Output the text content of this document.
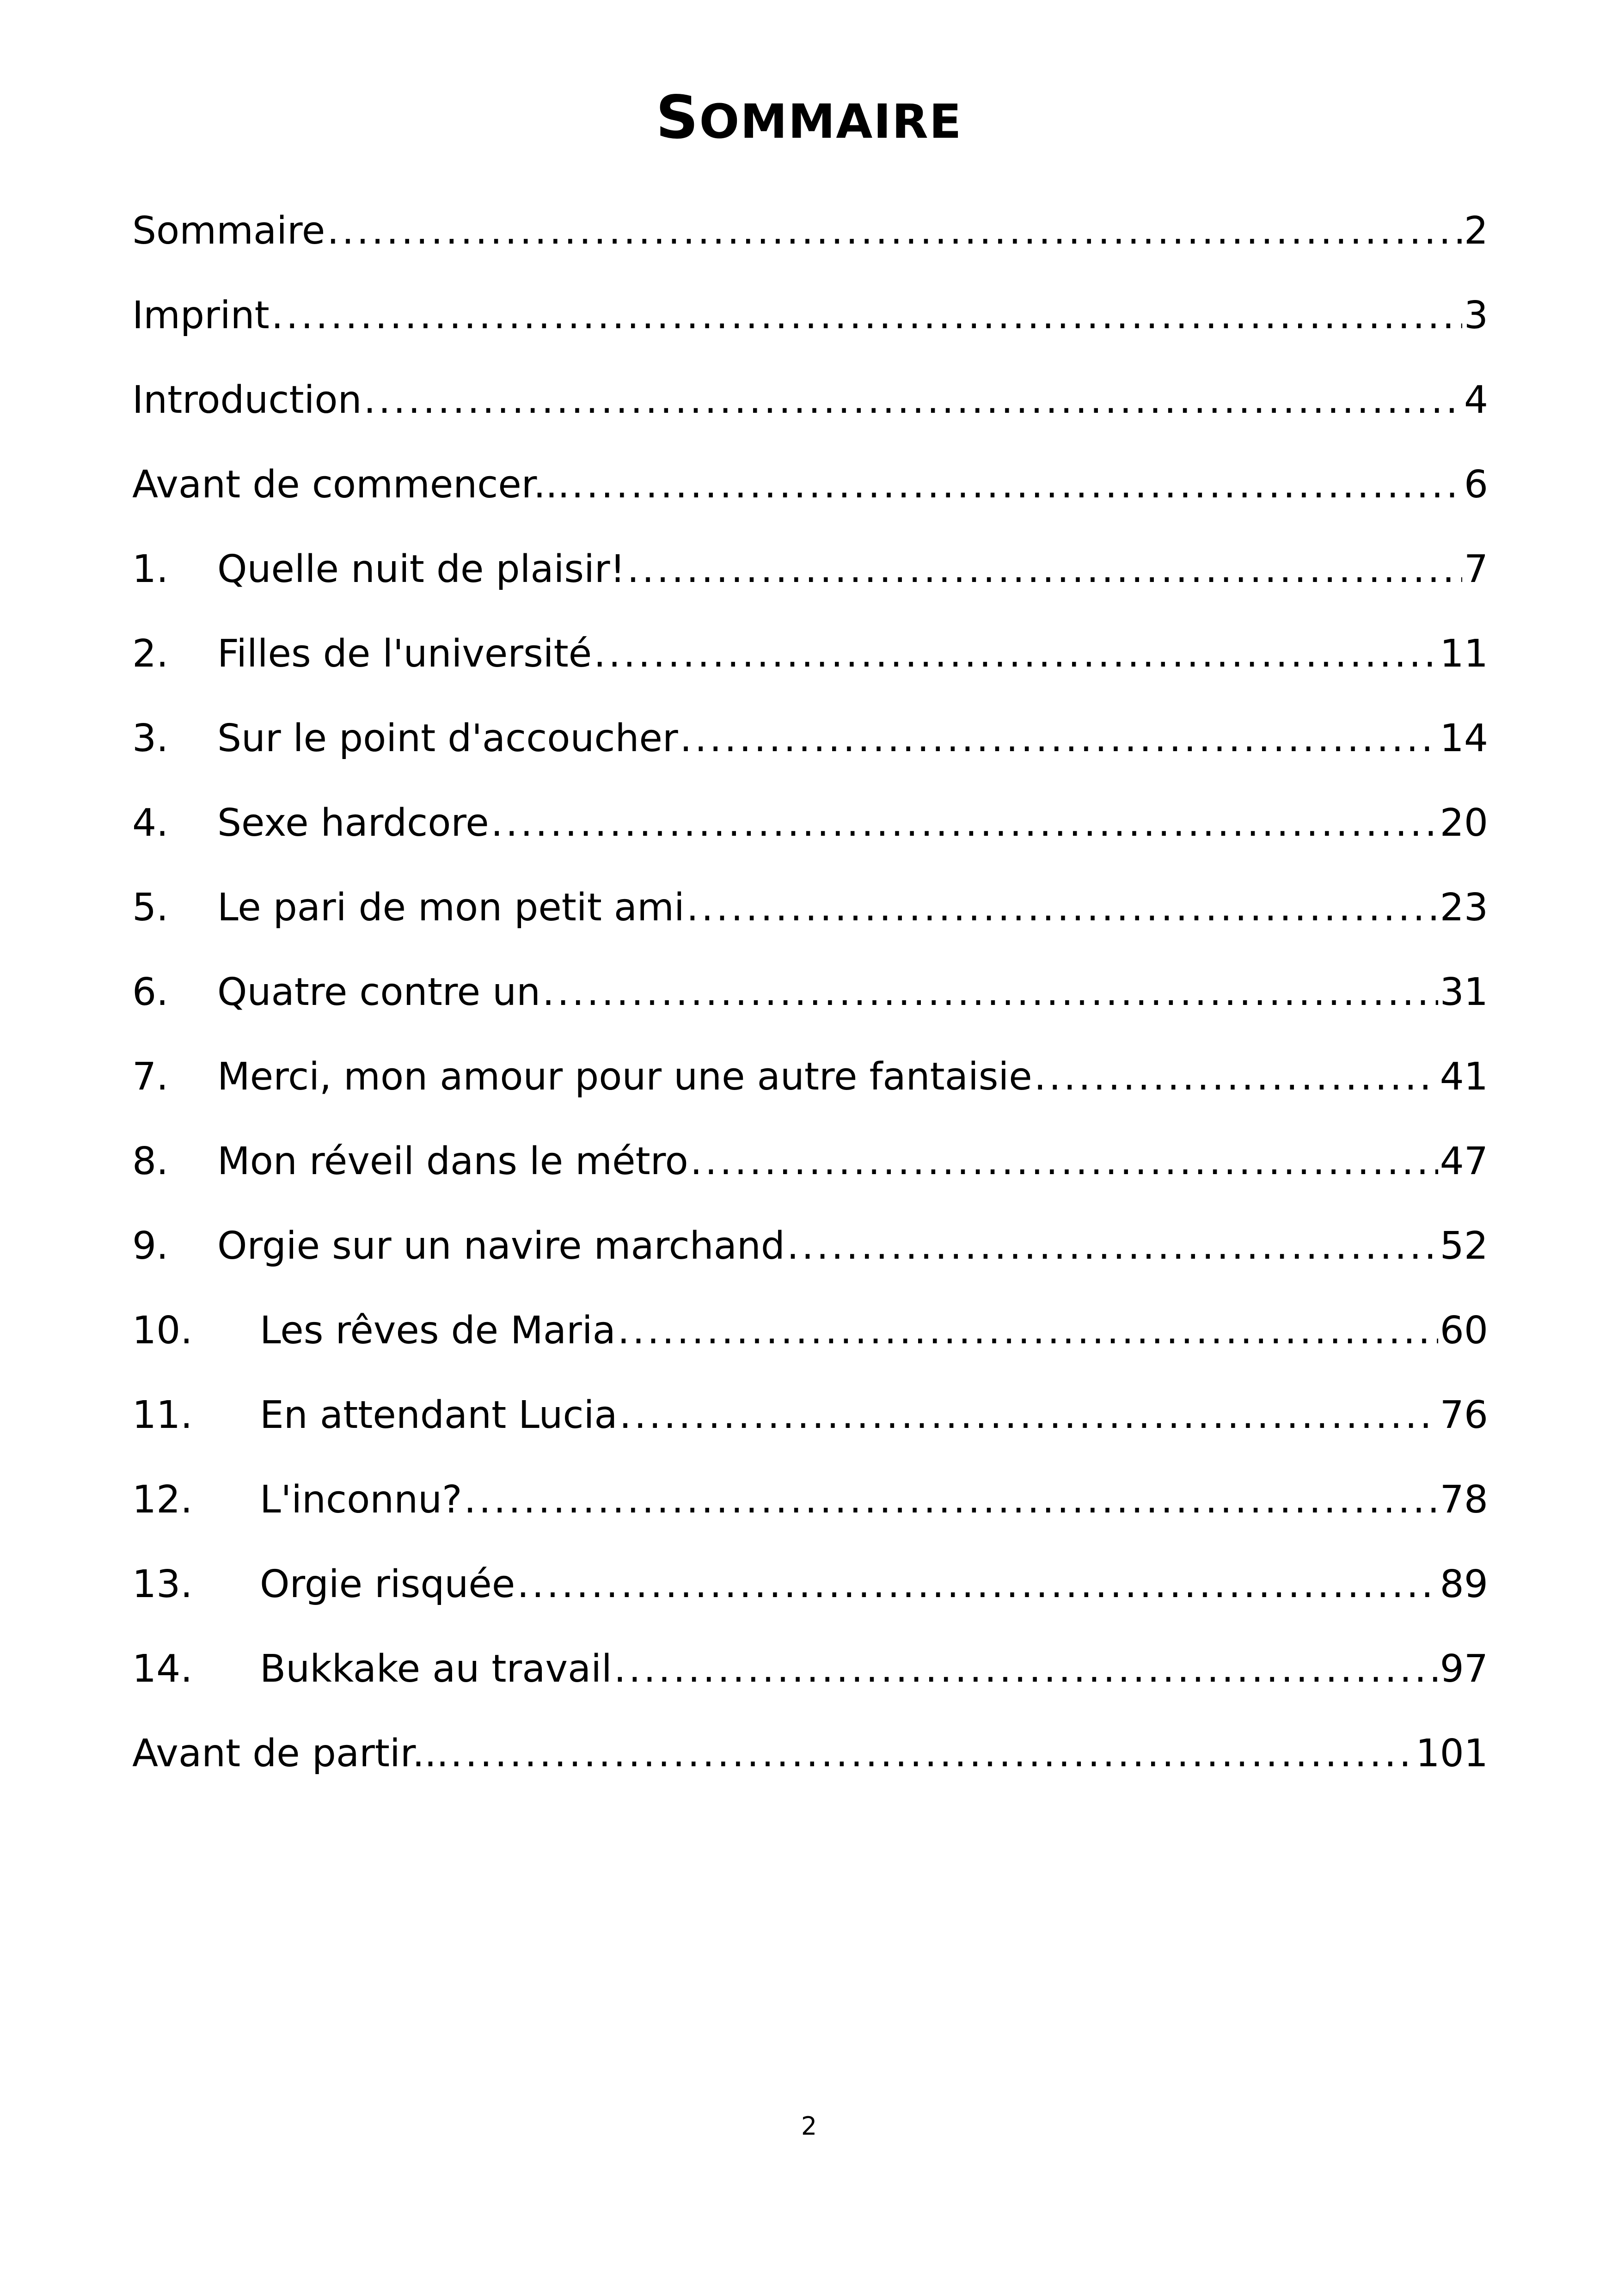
SOMMAIRE
Sommaire .....	2
Imprint .....	3
Introduction .....	4
Avant de commencer... .....	6
1.	Quelle nuit de plaisir! .....	7
2.	Filles de l'université .....	11
3.	Sur le point d'accoucher .....	14
4.	Sexe hardcore .....	20
5.	Le pari de mon petit ami .....	23
6.	Quatre contre un .....	31
7.	Merci, mon amour pour une autre fantaisie .....	41
8.	Mon réveil dans le métro .....	47
9.	Orgie sur un navire marchand .....	52
10.	Les rêves de Maria .....	60
11.	En attendant Lucia .....	76
12.	L'inconnu? .....	78
13.	Orgie risquée .....	89
14.	Bukkake au travail .....	97
Avant de partir... .....	101
2
